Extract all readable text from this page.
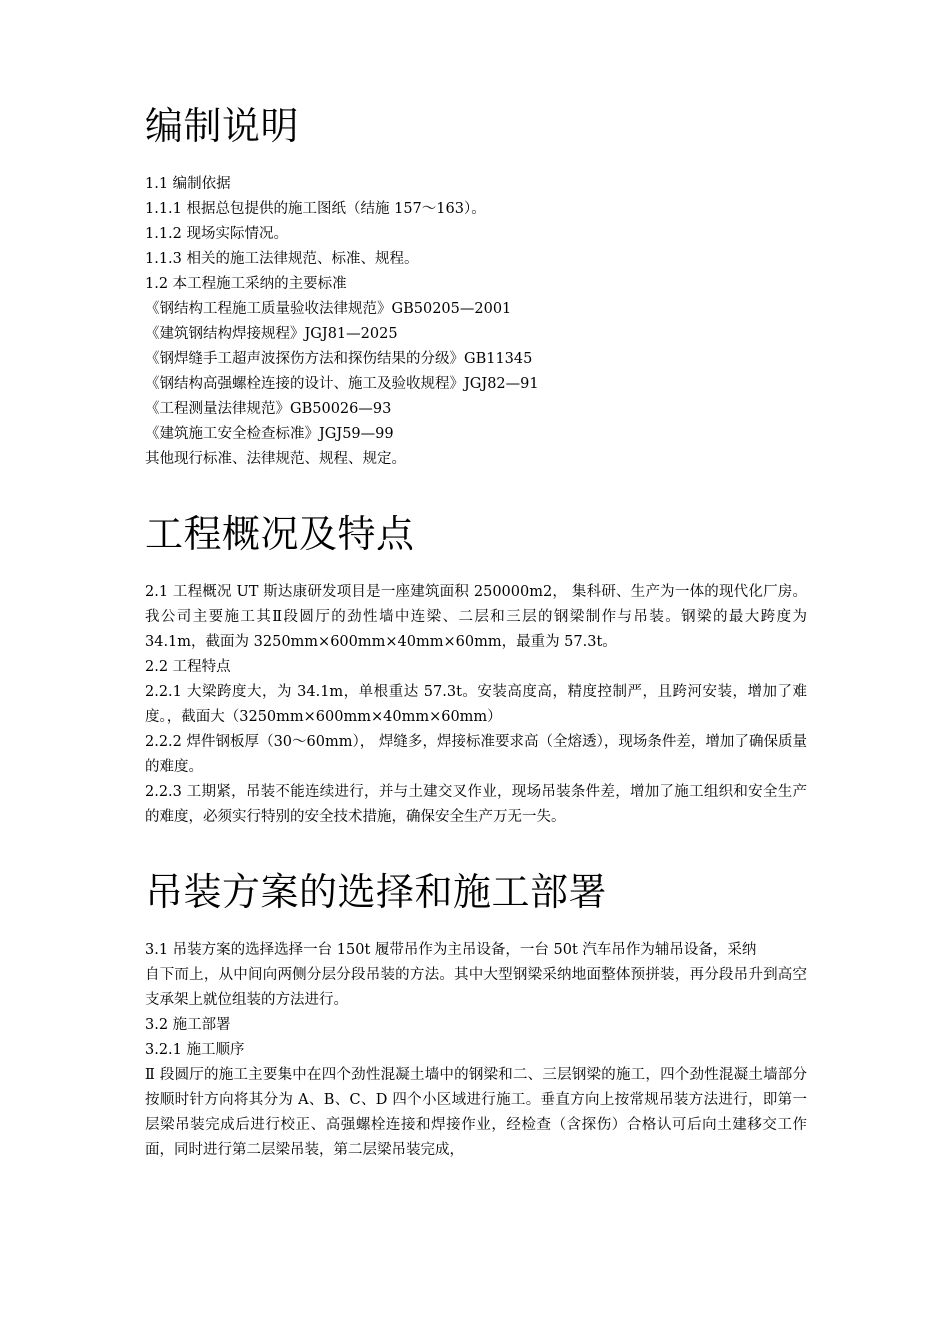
编制说明
1.1 编制依据
1.1.1 根据总包提供的施工图纸（结施 157～163）。
1.1.2 现场实际情况。
1.1.3 相关的施工法律规范、标准、规程。
1.2 本工程施工采纳的主要标准
《钢结构工程施工质量验收法律规范》GB50205—2001
《建筑钢结构焊接规程》JGJ81—2025
《钢焊缝手工超声波探伤方法和探伤结果的分级》GB11345
《钢结构高强螺栓连接的设计、施工及验收规程》JGJ82—91
《工程测量法律规范》GB50026—93
《建筑施工安全检查标准》JGJ59—99
其他现行标准、法律规范、规程、规定。
工程概况及特点
2.1 工程概况 UT 斯达康研发项目是一座建筑面积 250000m2， 集科研、生产为一体的现代化厂房。我公司主要施工其Ⅱ段圆厅的劲性墙中连梁、二层和三层的钢梁制作与吊装。钢梁的最大跨度为 34.1m，截面为 3250mm×600mm×40mm×60mm，最重为 57.3t。
2.2 工程特点
2.2.1 大梁跨度大，为 34.1m，单根重达 57.3t。安装高度高，精度控制严，且跨河安装，增加了难度。，截面大（3250mm×600mm×40mm×60mm）
2.2.2 焊件钢板厚（30～60mm）， 焊缝多，焊接标准要求高（全熔透），现场条件差，增加了确保质量的难度。
2.2.3 工期紧，吊装不能连续进行，并与土建交叉作业，现场吊装条件差，增加了施工组织和安全生产的难度，必须实行特别的安全技术措施，确保安全生产万无一失。
吊装方案的选择和施工部署
3.1 吊装方案的选择选择一台 150t 履带吊作为主吊设备，一台 50t 汽车吊作为辅吊设备，采纳
自下而上，从中间向两侧分层分段吊装的方法。其中大型钢梁采纳地面整体预拼装，再分段吊升到高空支承架上就位组装的方法进行。
3.2 施工部署
3.2.1 施工顺序
Ⅱ 段圆厅的施工主要集中在四个劲性混凝土墙中的钢梁和二、三层钢梁的施工，四个劲性混凝土墙部分按顺时针方向将其分为 A、B、C、D 四个小区域进行施工。垂直方向上按常规吊装方法进行，即第一层梁吊装完成后进行校正、高强螺栓连接和焊接作业，经检查（含探伤）合格认可后向土建移交工作面，同时进行第二层梁吊装，第二层梁吊装完成，
